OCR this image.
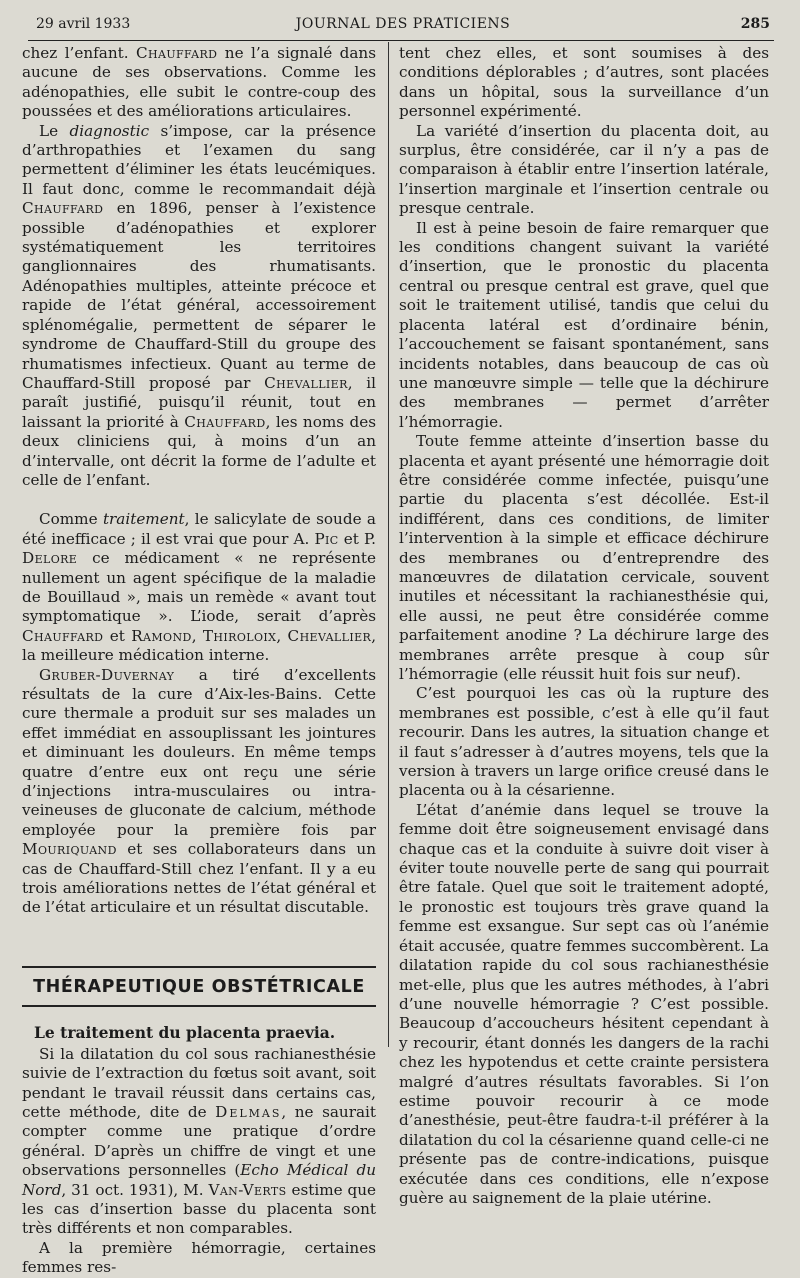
29 avril 1933	JOURNAL DES PRATICIENS	285

chez l’enfant. Chauffard ne l’a signalé dans aucune de ses observations. Comme les adénopathies, elle subit le contre-coup des poussées et des améliorations articulaires.

Le diagnostic s’impose, car la présence d’arthropathies et l’examen du sang permettent d’éliminer les états leucémiques. Il faut donc, comme le recommandait déjà Chauffard en 1896, penser à l’existence possible d’adénopathies et explorer systématiquement les territoires ganglionnaires des rhumatisants. Adénopathies multiples, atteinte précoce et rapide de l’état général, accessoirement splénomégalie, permettent de séparer le syndrome de Chauffard-Still du groupe des rhumatismes infectieux. Quant au terme de Chauffard-Still proposé par Chevallier, il paraît justifié, puisqu’il réunit, tout en laissant la priorité à Chauffard, les noms des deux cliniciens qui, à moins d’un an d’intervalle, ont décrit la forme de l’adulte et celle de l’enfant.

Comme traitement, le salicylate de soude a été inefficace ; il est vrai que pour A. Pic et P. Delore ce médicament « ne représente nullement un agent spécifique de la maladie de Bouillaud », mais un remède « avant tout symptomatique ». L’iode, serait d’après Chauffard et Ramond, Thiroloix, Chevallier, la meilleure médication interne.

Gruber-Duvernay a tiré d’excellents résultats de la cure d’Aix-les-Bains. Cette cure thermale a produit sur ses malades un effet immédiat en assouplissant les jointures et diminuant les douleurs. En même temps quatre d’entre eux ont reçu une série d’injections intra-musculaires ou intra-veineuses de gluconate de calcium, méthode employée pour la première fois par Mouriquand et ses collaborateurs dans un cas de Chauffard-Still chez l’enfant. Il y a eu trois améliorations nettes de l’état général et de l’état articulaire et un résultat discutable.

THÉRAPEUTIQUE OBSTÉTRICALE
Le traitement du placenta praevia.

Si la dilatation du col sous rachianesthésie suivie de l’extraction du fœtus soit avant, soit pendant le travail réussit dans certains cas, cette méthode, dite de Delmas, ne saurait compter comme une pratique d’ordre général. D’après un chiffre de vingt et une observations personnelles (Echo Médical du Nord, 31 oct. 1931), M. Van-Verts estime que les cas d’insertion basse du placenta sont très différents et non comparables.

A la première hémorragie, certaines femmes res-

tent chez elles, et sont soumises à des conditions déplorables ; d’autres, sont placées dans un hôpital, sous la surveillance d’un personnel expérimenté.

La variété d’insertion du placenta doit, au surplus, être considérée, car il n’y a pas de comparaison à établir entre l’insertion latérale, l’insertion marginale et l’insertion centrale ou presque centrale.

Il est à peine besoin de faire remarquer que les conditions changent suivant la variété d’insertion, que le pronostic du placenta central ou presque central est grave, quel que soit le traitement utilisé, tandis que celui du placenta latéral est d’ordinaire bénin, l’accouchement se faisant spontanément, sans incidents notables, dans beaucoup de cas où une manœuvre simple — telle que la déchirure des membranes — permet d’arrêter l’hémorragie.

Toute femme atteinte d’insertion basse du placenta et ayant présenté une hémorragie doit être considérée comme infectée, puisqu’une partie du placenta s’est décollée. Est-il indifférent, dans ces conditions, de limiter l’intervention à la simple et efficace déchirure des membranes ou d’entreprendre des manœuvres de dilatation cervicale, souvent inutiles et nécessitant la rachianesthésie qui, elle aussi, ne peut être considérée comme parfaitement anodine ? La déchirure large des membranes arrête presque à coup sûr l’hémorragie (elle réussit huit fois sur neuf).

C’est pourquoi les cas où la rupture des membranes est possible, c’est à elle qu’il faut recourir. Dans les autres, la situation change et il faut s’adresser à d’autres moyens, tels que la version à travers un large orifice creusé dans le placenta ou à la césarienne.

L’état d’anémie dans lequel se trouve la femme doit être soigneusement envisagé dans chaque cas et la conduite à suivre doit viser à éviter toute nouvelle perte de sang qui pourrait être fatale. Quel que soit le traitement adopté, le pronostic est toujours très grave quand la femme est exsangue. Sur sept cas où l’anémie était accusée, quatre femmes succombèrent. La dilatation rapide du col sous rachianesthésie met-elle, plus que les autres méthodes, à l’abri d’une nouvelle hémorragie ? C’est possible. Beaucoup d’accoucheurs hésitent cependant à y recourir, étant donnés les dangers de la rachi chez les hypotendus et cette crainte persistera malgré d’autres résultats favorables. Si l’on estime pouvoir recourir à ce mode d’anesthésie, peut-être faudra-t-il préférer à la dilatation du col la césarienne quand celle-ci ne présente pas de contre-indications, puisque exécutée dans ces conditions, elle n’expose guère au saignement de la plaie utérine.
